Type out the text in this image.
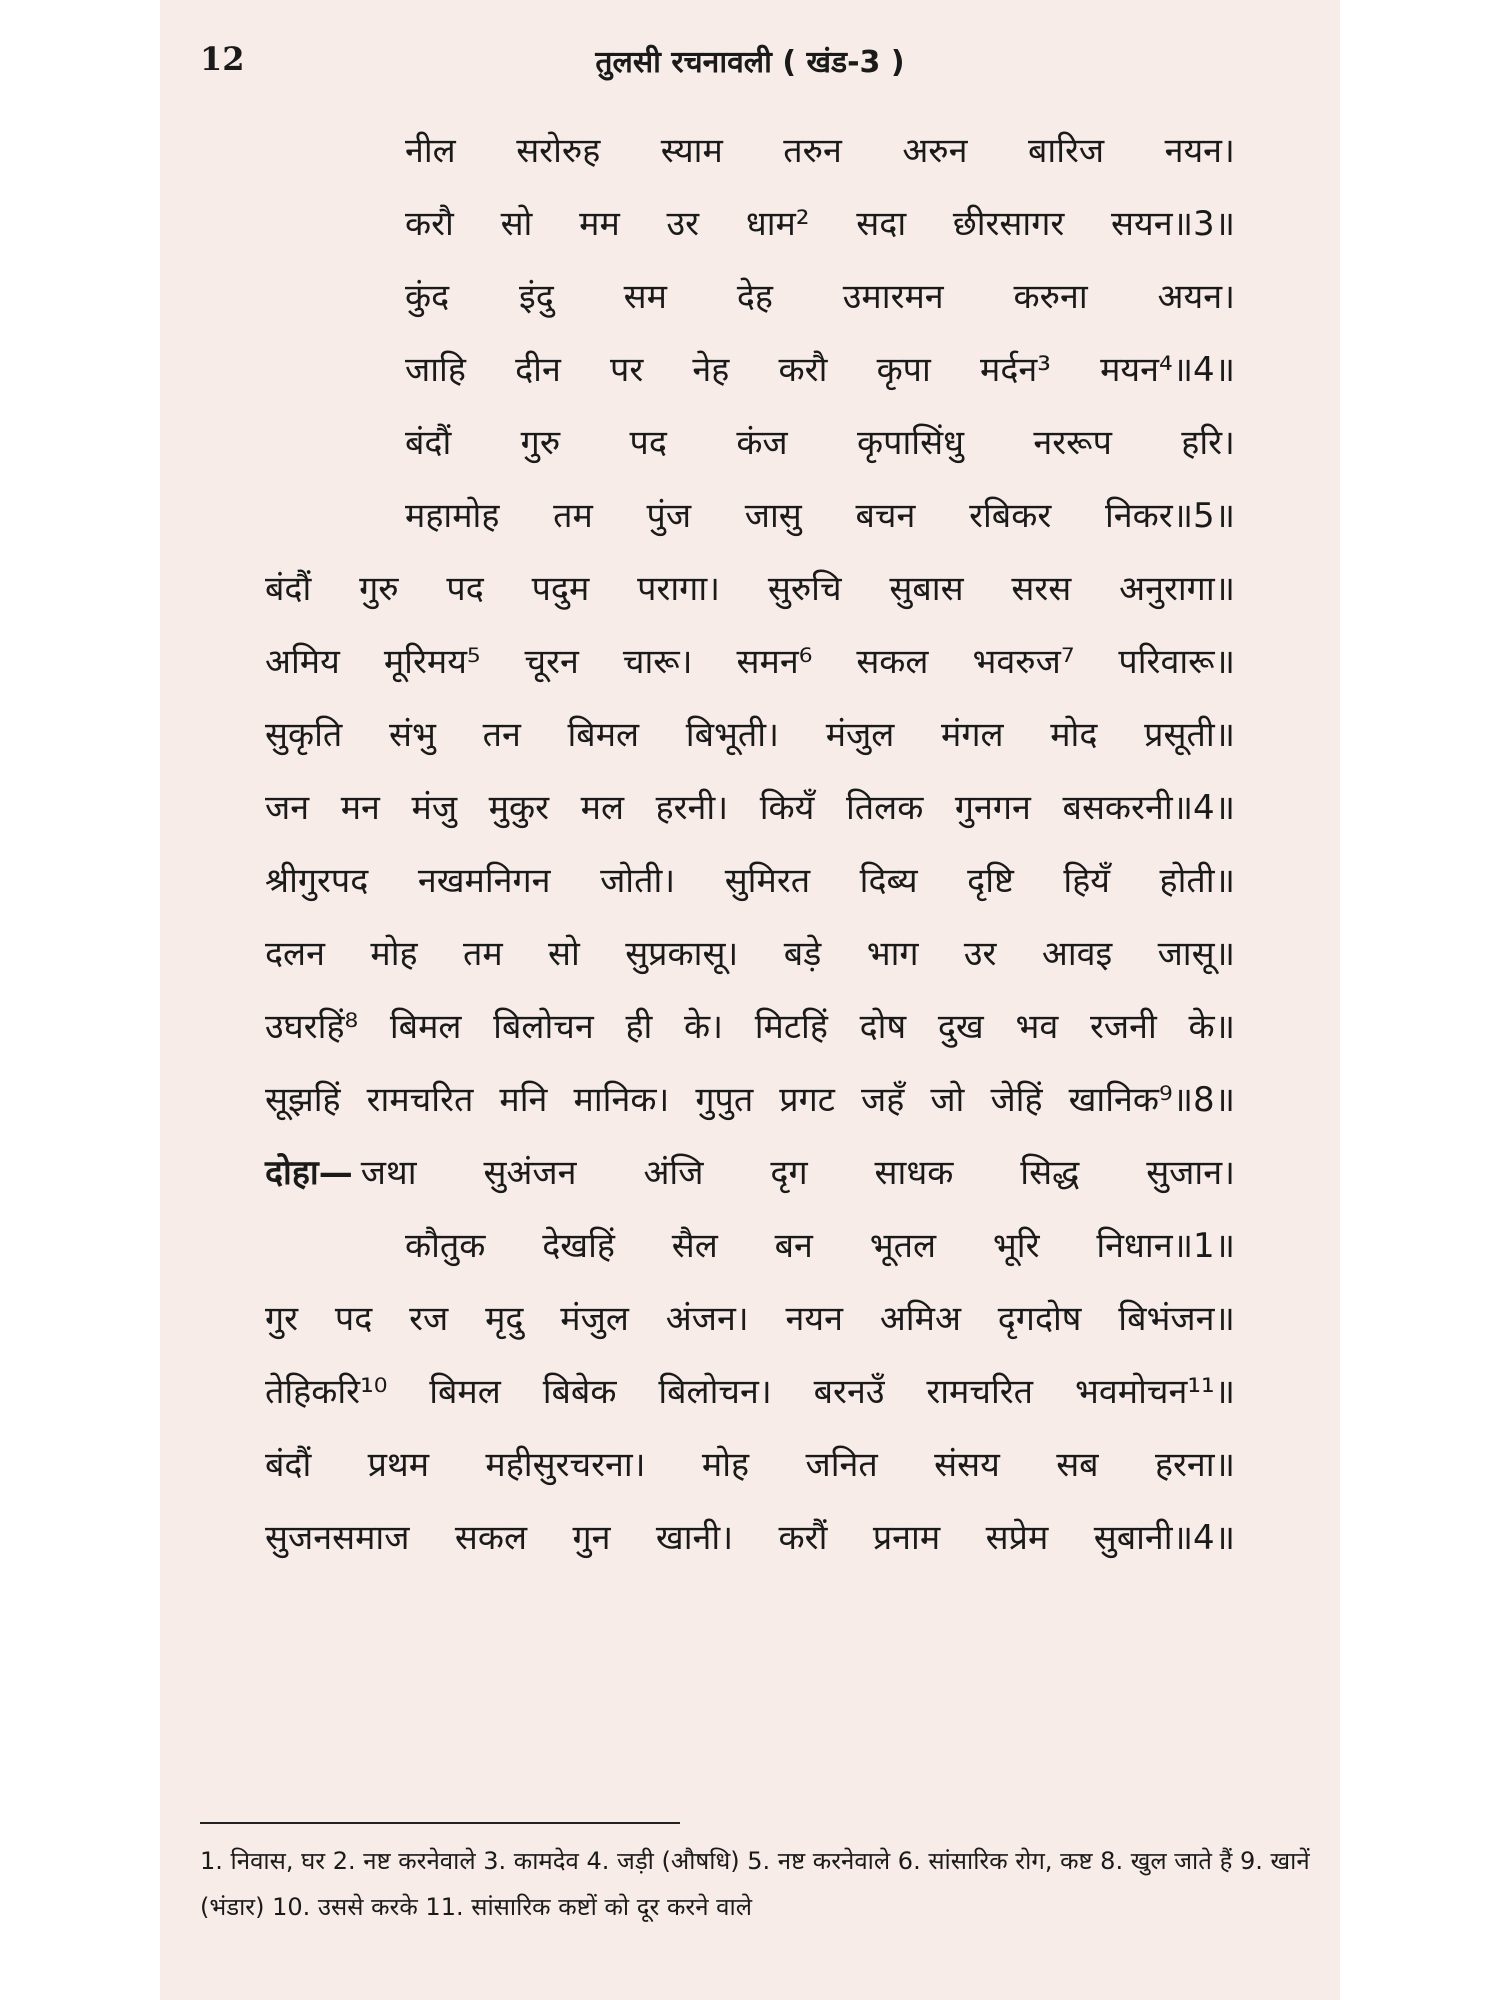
12	तुलसी रचनावली ( खंड-3 )
नील सरोरुह स्याम तरुन अरुन बारिज नयन।
करौ सो मम उर धाम² सदा छीरसागर सयन॥3॥
कुंद इंदु सम देह उमारमन करुना अयन।
जाहि दीन पर नेह करौ कृपा मर्दन³ मयन⁴॥4॥
बंदौं गुरु पद कंज कृपासिंधु नररूप हरि।
महामोह तम पुंज जासु बचन रबिकर निकर॥5॥
बंदौं गुरु पद पदुम परागा। सुरुचि सुबास सरस अनुरागा॥
अमिय मूरिमय⁵ चूरन चारू। समन⁶ सकल भवरुज⁷ परिवारू॥
सुकृति संभु तन बिमल बिभूती। मंजुल मंगल मोद प्रसूती॥
जन मन मंजु मुकुर मल हरनी। कियँ तिलक गुनगन बसकरनी॥4॥
श्रीगुरपद नखमनिगन जोती। सुमिरत दिब्य दृष्टि हियँ होती॥
दलन मोह तम सो सुप्रकासू। बड़े भाग उर आवइ जासू॥
उघरहिं⁸ बिमल बिलोचन ही के। मिटहिं दोष दुख भव रजनी के॥
सूझहिं रामचरित मनि मानिक। गुपुत प्रगट जहँ जो जेहिं खानिक⁹॥8॥
दोहा— जथा सुअंजन अंजि दृग साधक सिद्ध सुजान।
कौतुक देखहिं सैल बन भूतल भूरि निधान॥1॥
गुर पद रज मृदु मंजुल अंजन। नयन अमिअ दृगदोष बिभंजन॥
तेहिकरि¹⁰ बिमल बिबेक बिलोचन। बरनउँ रामचरित भवमोचन¹¹॥
बंदौं प्रथम महीसुरचरना। मोह जनित संसय सब हरना॥
सुजनसमाज सकल गुन खानी। करौं प्रनाम सप्रेम सुबानी॥4॥
1. निवास, घर 2. नष्ट करनेवाले 3. कामदेव 4. जड़ी (औषधि) 5. नष्ट करनेवाले 6. सांसारिक रोग, कष्ट 8. खुल जाते हैं 9. खानें (भंडार) 10. उससे करके 11. सांसारिक कष्टों को दूर करने वाले
